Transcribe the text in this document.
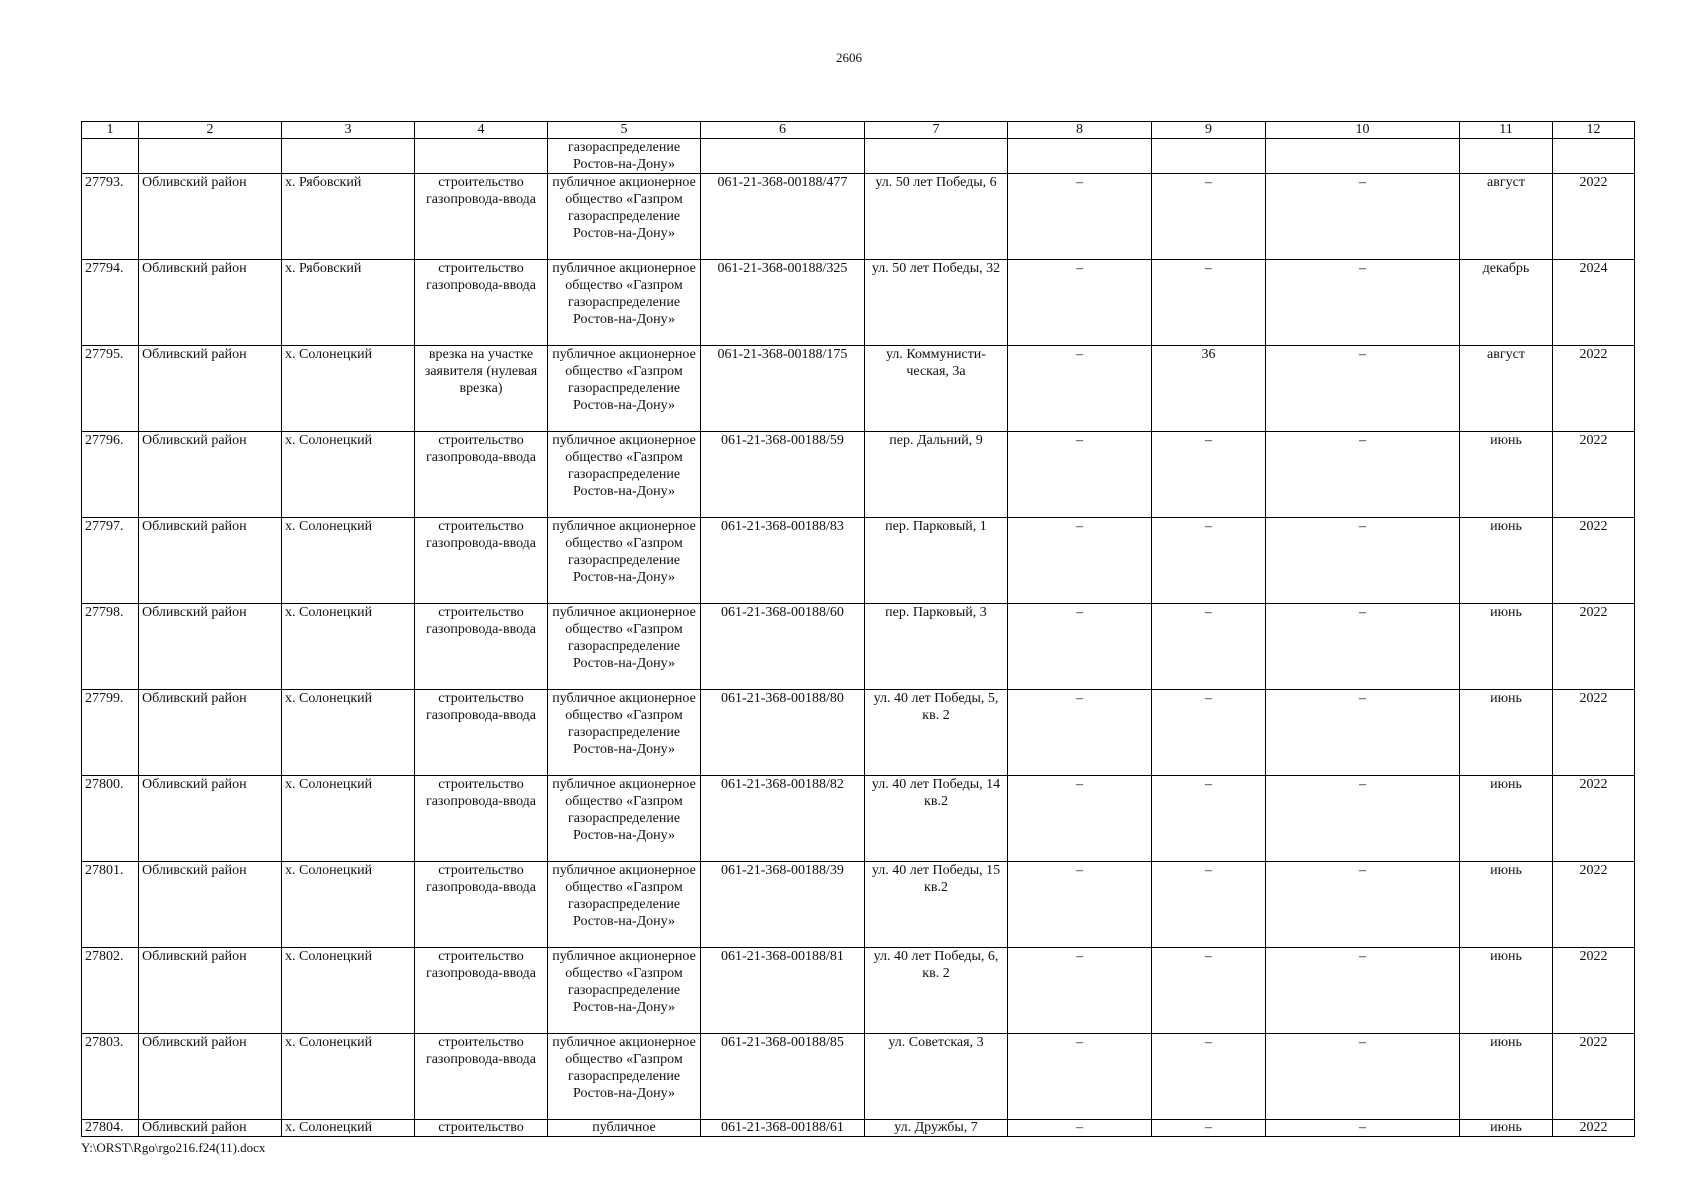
2606
1	2	3	4	5	6	7	8	9	10	11	12
				газораспределение Ростов-на-Дону»							
27793.	Обливский район	х. Рябовский	строительство газопровода-ввода	публичное акционерное общество «Газпром газораспределение Ростов-на-Дону»	061-21-368-00188/477	ул. 50 лет Победы, 6	–	–	–	август	2022
27794.	Обливский район	х. Рябовский	строительство газопровода-ввода	публичное акционерное общество «Газпром газораспределение Ростов-на-Дону»	061-21-368-00188/325	ул. 50 лет Победы, 32	–	–	–	декабрь	2024
27795.	Обливский район	х. Солонецкий	врезка на участке заявителя (нулевая врезка)	публичное акционерное общество «Газпром газораспределение Ростов-на-Дону»	061-21-368-00188/175	ул. Коммунисти-ческая, 3а	–	36	–	август	2022
27796.	Обливский район	х. Солонецкий	строительство газопровода-ввода	публичное акционерное общество «Газпром газораспределение Ростов-на-Дону»	061-21-368-00188/59	пер. Дальний, 9	–	–	–	июнь	2022
27797.	Обливский район	х. Солонецкий	строительство газопровода-ввода	публичное акционерное общество «Газпром газораспределение Ростов-на-Дону»	061-21-368-00188/83	пер. Парковый, 1	–	–	–	июнь	2022
27798.	Обливский район	х. Солонецкий	строительство газопровода-ввода	публичное акционерное общество «Газпром газораспределение Ростов-на-Дону»	061-21-368-00188/60	пер. Парковый, 3	–	–	–	июнь	2022
27799.	Обливский район	х. Солонецкий	строительство газопровода-ввода	публичное акционерное общество «Газпром газораспределение Ростов-на-Дону»	061-21-368-00188/80	ул. 40 лет Победы, 5, кв. 2	–	–	–	июнь	2022
27800.	Обливский район	х. Солонецкий	строительство газопровода-ввода	публичное акционерное общество «Газпром газораспределение Ростов-на-Дону»	061-21-368-00188/82	ул. 40 лет Победы, 14 кв.2	–	–	–	июнь	2022
27801.	Обливский район	х. Солонецкий	строительство газопровода-ввода	публичное акционерное общество «Газпром газораспределение Ростов-на-Дону»	061-21-368-00188/39	ул. 40 лет Победы, 15 кв.2	–	–	–	июнь	2022
27802.	Обливский район	х. Солонецкий	строительство газопровода-ввода	публичное акционерное общество «Газпром газораспределение Ростов-на-Дону»	061-21-368-00188/81	ул. 40 лет Победы, 6, кв. 2	–	–	–	июнь	2022
27803.	Обливский район	х. Солонецкий	строительство газопровода-ввода	публичное акционерное общество «Газпром газораспределение Ростов-на-Дону»	061-21-368-00188/85	ул. Советская, 3	–	–	–	июнь	2022
27804.	Обливский район	х. Солонецкий	строительство	публичное	061-21-368-00188/61	ул. Дружбы, 7	–	–	–	июнь	2022
Y:\ORST\Rgo\rgo216.f24(11).docx
